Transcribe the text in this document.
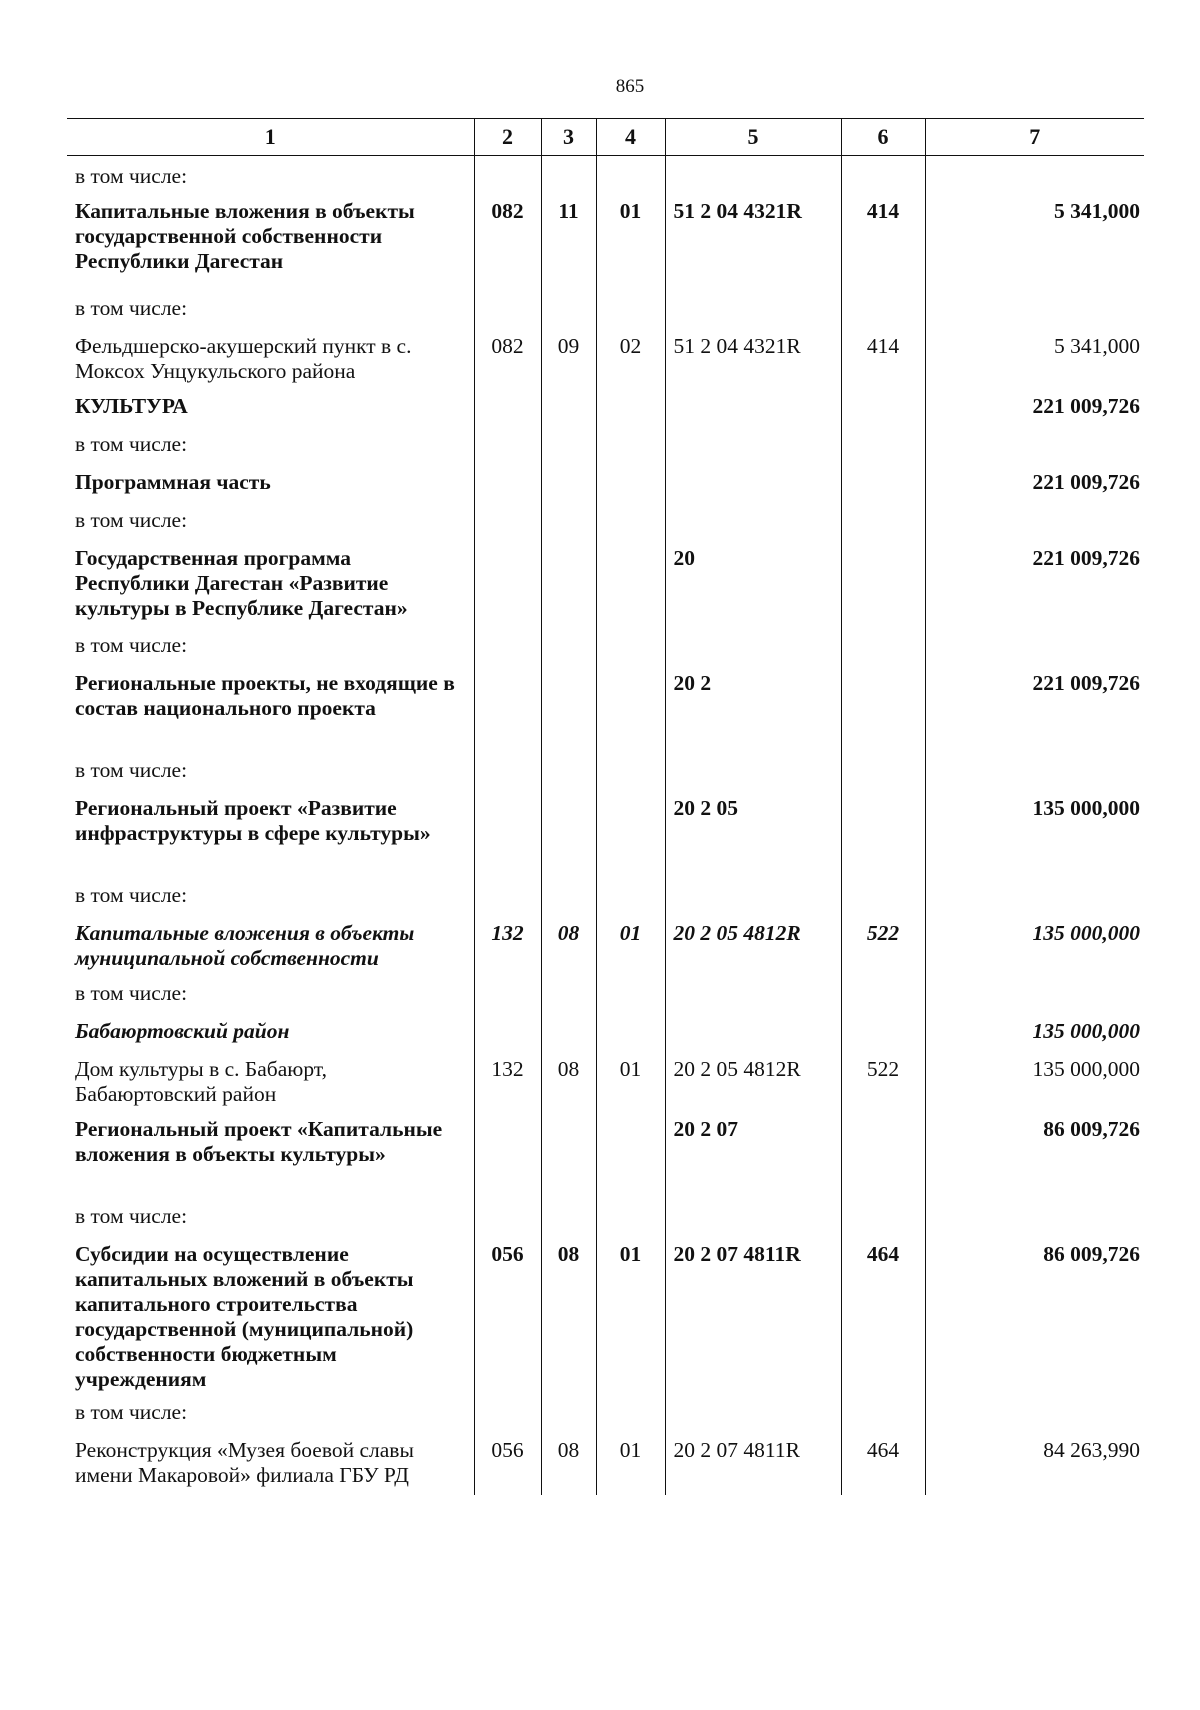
865
1	2	3	4	5	6	7

в том числе:						

Капитальные вложения в объекты государственной собственности Республики Дагестан	082	11	01	51 2 04 4321R	414	5 341,000

в том числе:						

Фельдшерско-акушерский пункт в с. Моксох Унцукульского района	082	09	02	51 2 04 4321R	414	5 341,000

КУЛЬТУРА						221 009,726

в том числе:						

Программная часть						221 009,726

в том числе:						

Государственная программа Республики Дагестан «Развитие культуры в Республике Дагестан»				20		221 009,726

в том числе:						

Региональные проекты, не входящие в состав национального проекта				20 2		221 009,726

в том числе:						

Региональный проект «Развитие инфраструктуры в сфере культуры»				20 2 05		135 000,000

в том числе:						

Капитальные вложения в объекты муниципальной собственности	132	08	01	20 2 05 4812R	522	135 000,000

в том числе:						

Бабаюртовский район						135 000,000

Дом культуры в с. Бабаюрт, Бабаюртовский район	132	08	01	20 2 05 4812R	522	135 000,000

Региональный проект «Капитальные вложения в объекты культуры»				20 2 07		86 009,726

в том числе:						

Субсидии на осуществление капитальных вложений в объекты капитального строительства государственной (муниципальной) собственности бюджетным учреждениям	056	08	01	20 2 07 4811R	464	86 009,726

в том числе:						

Реконструкция «Музея боевой славы имени Макаровой» филиала ГБУ РД	056	08	01	20 2 07 4811R	464	84 263,990
